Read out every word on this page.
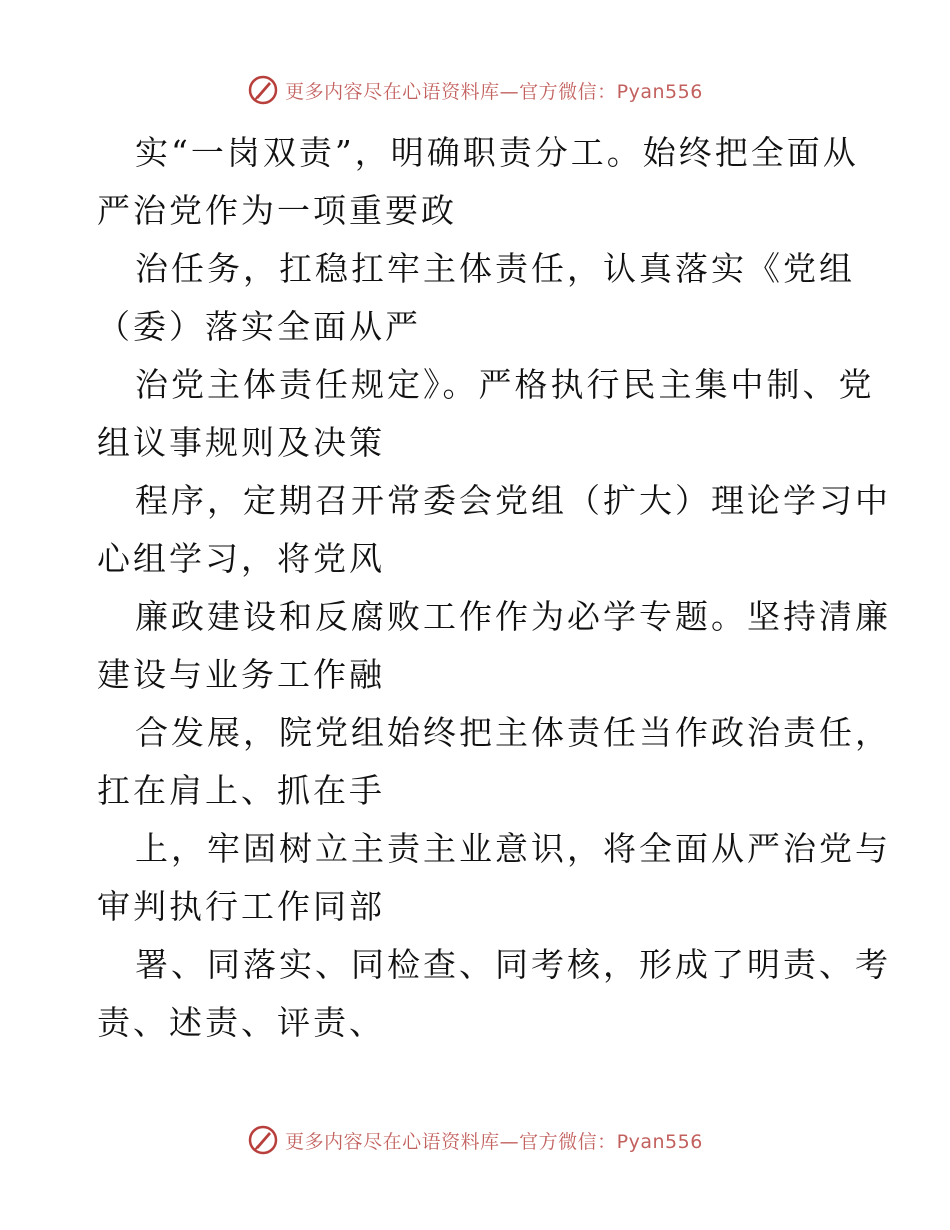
更多内容尽在心语资料库—官方微信：Pyan556

实“一岗双责”，明确职责分工。始终把全面从
严治党作为一项重要政

治任务，扛稳扛牢主体责任，认真落实《党组
（委）落实全面从严

治党主体责任规定》。严格执行民主集中制、党
组议事规则及决策

程序，定期召开常委会党组（扩大）理论学习中
心组学习，将党风

廉政建设和反腐败工作作为必学专题。坚持清廉
建设与业务工作融

合发展，院党组始终把主体责任当作政治责任，
扛在肩上、抓在手

上，牢固树立主责主业意识，将全面从严治党与
审判执行工作同部

署、同落实、同检查、同考核，形成了明责、考
责、述责、评责、

更多内容尽在心语资料库—官方微信：Pyan556
